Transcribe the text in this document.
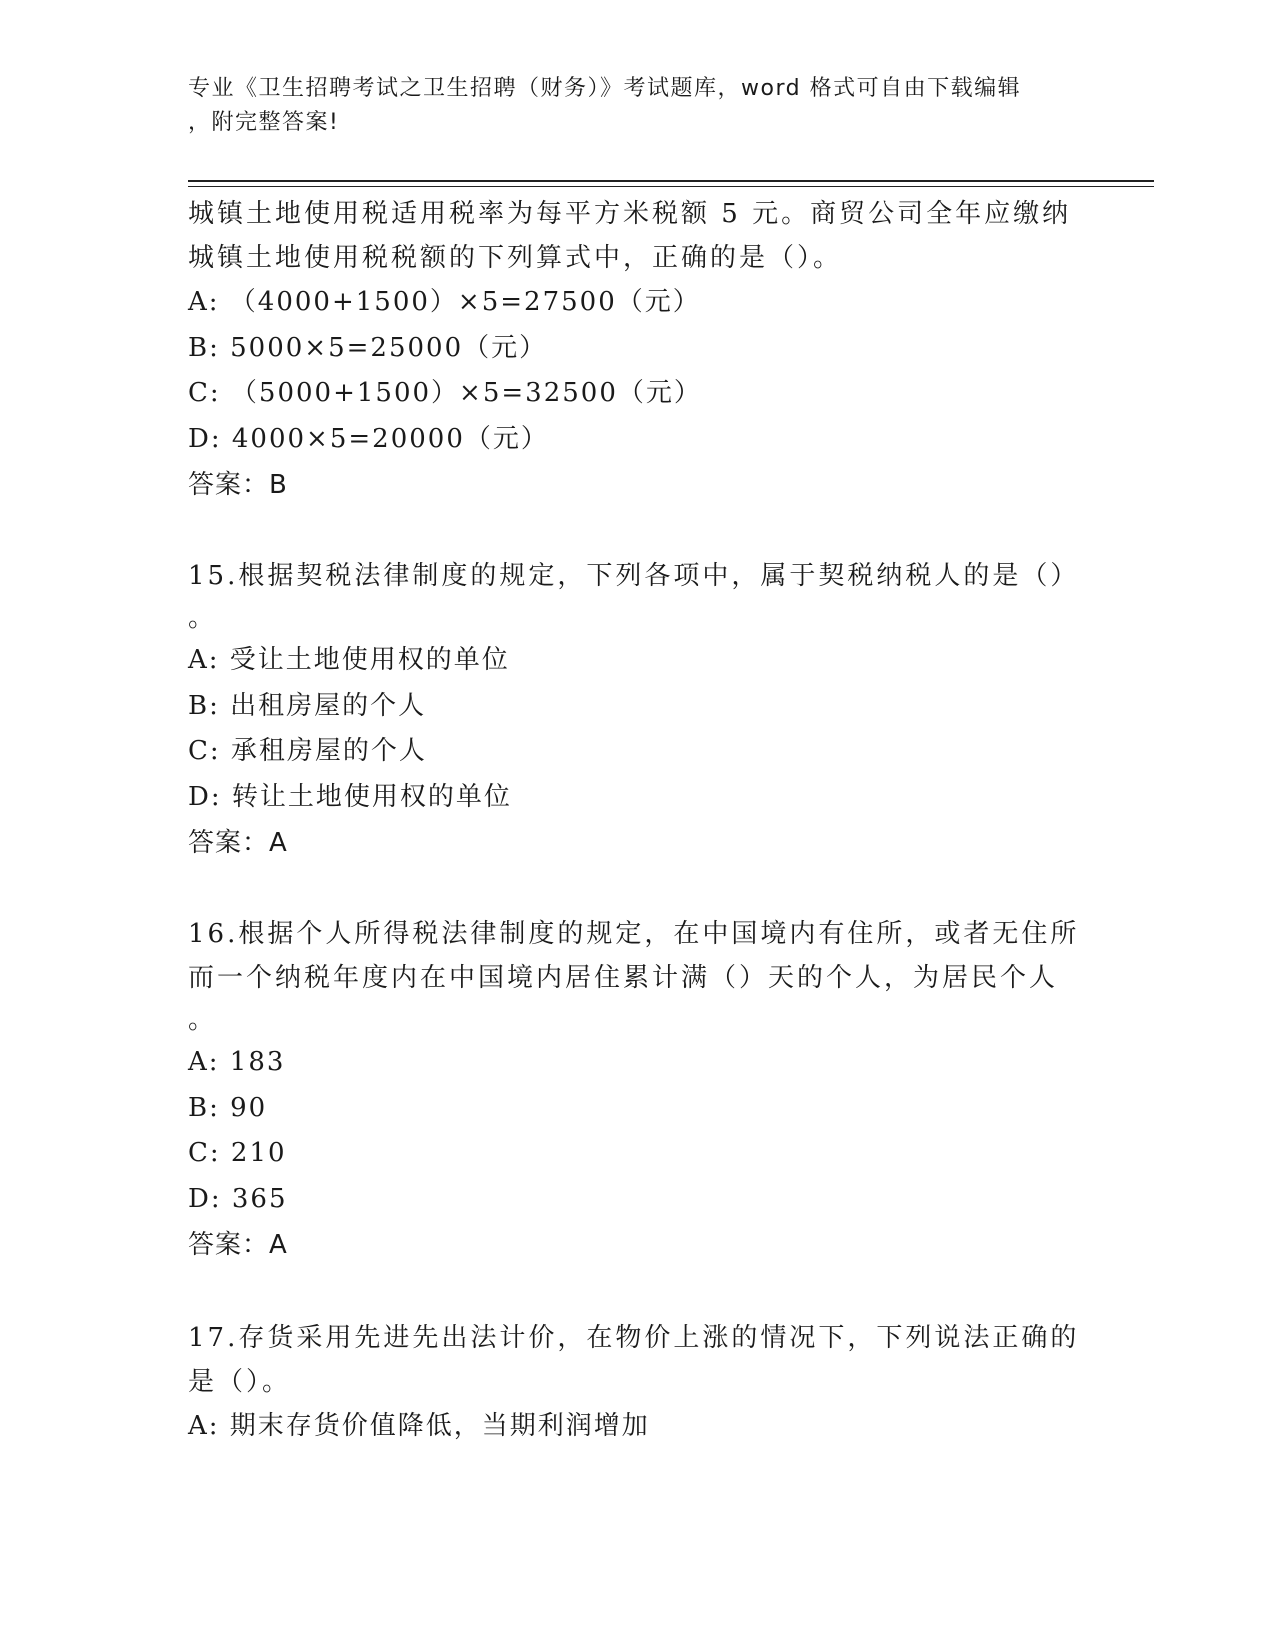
专业《卫生招聘考试之卫生招聘（财务）》考试题库，word 格式可自由下载编辑
，附完整答案!
城镇土地使用税适用税率为每平方米税额 5 元。商贸公司全年应缴纳
城镇土地使用税税额的下列算式中，正确的是（）。
A: （4000+1500）×5=27500（元）
B: 5000×5=25000（元）
C: （5000+1500）×5=32500（元）
D: 4000×5=20000（元）
答案：B
15.根据契税法律制度的规定，下列各项中，属于契税纳税人的是（）
。
A: 受让土地使用权的单位
B: 出租房屋的个人
C: 承租房屋的个人
D: 转让土地使用权的单位
答案：A
16.根据个人所得税法律制度的规定，在中国境内有住所，或者无住所
而一个纳税年度内在中国境内居住累计满（）天的个人，为居民个人
。
A: 183
B: 90
C: 210
D: 365
答案：A
17.存货采用先进先出法计价，在物价上涨的情况下，下列说法正确的
是（）。
A: 期末存货价值降低，当期利润增加
